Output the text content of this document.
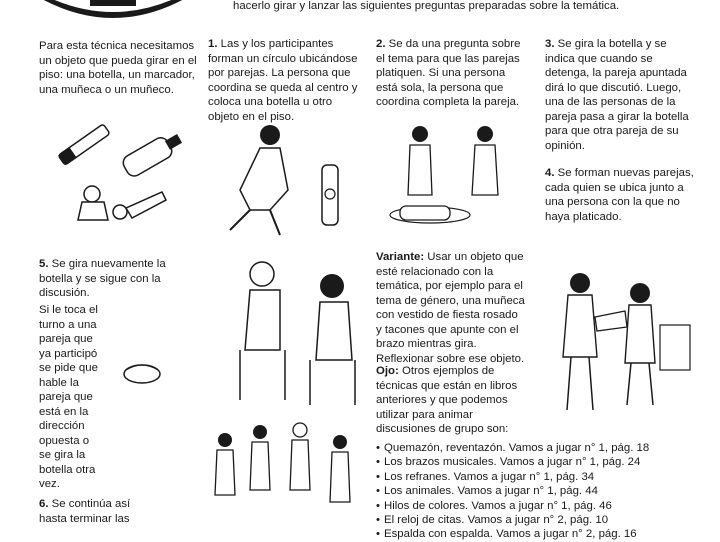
hacerlo girar y lanzar las siguientes preguntas preparadas sobre la temática.
Para esta técnica necesitamos un objeto que pueda girar en el piso: una botella, un marcador, una muñeca o un muñeco.
5. Se gira nuevamente la botella y se sigue con la discusión.
Si le toca el turno a una pareja que ya participó se pide que hable la pareja que está en la dirección opuesta o se gira la botella otra vez.
6. Se continúa así hasta terminar las
1. Las y los participantes forman un círculo ubicándose por parejas. La persona que coordina se queda al centro y coloca una botella u otro objeto en el piso.
2. Se da una pregunta sobre el tema para que las parejas platiquen. Si una persona está sola, la persona que coordina completa la pareja.
Variante: Usar un objeto que esté relacionado con la temática, por ejemplo para el tema de género, una muñeca con vestido de fiesta rosado y tacones que apunte con el brazo mientras gira. Reflexionar sobre ese objeto.
Ojo: Otros ejemplos de técnicas que están en libros anteriores y que podemos utilizar para animar discusiones de grupo son:
• Quemazón, reventazón. Vamos a jugar n° 1, pág. 18
• Los brazos musicales. Vamos a jugar n° 1, pág. 24
• Los refranes. Vamos a jugar n° 1, pág. 34
• Los animales. Vamos a jugar n° 1, pág. 44
• Hilos de colores. Vamos a jugar n° 1, pág. 46
• El reloj de citas. Vamos a jugar n° 2, pág. 10
• Espalda con espalda. Vamos a jugar n° 2, pág. 16
3. Se gira la botella y se indica que cuando se detenga, la pareja apuntada dirá lo que discutió. Luego, una de las personas de la pareja pasa a girar la botella para que otra pareja de su opinión.
4. Se forman nuevas parejas, cada quien se ubica junto a una persona con la que no haya platicado.
